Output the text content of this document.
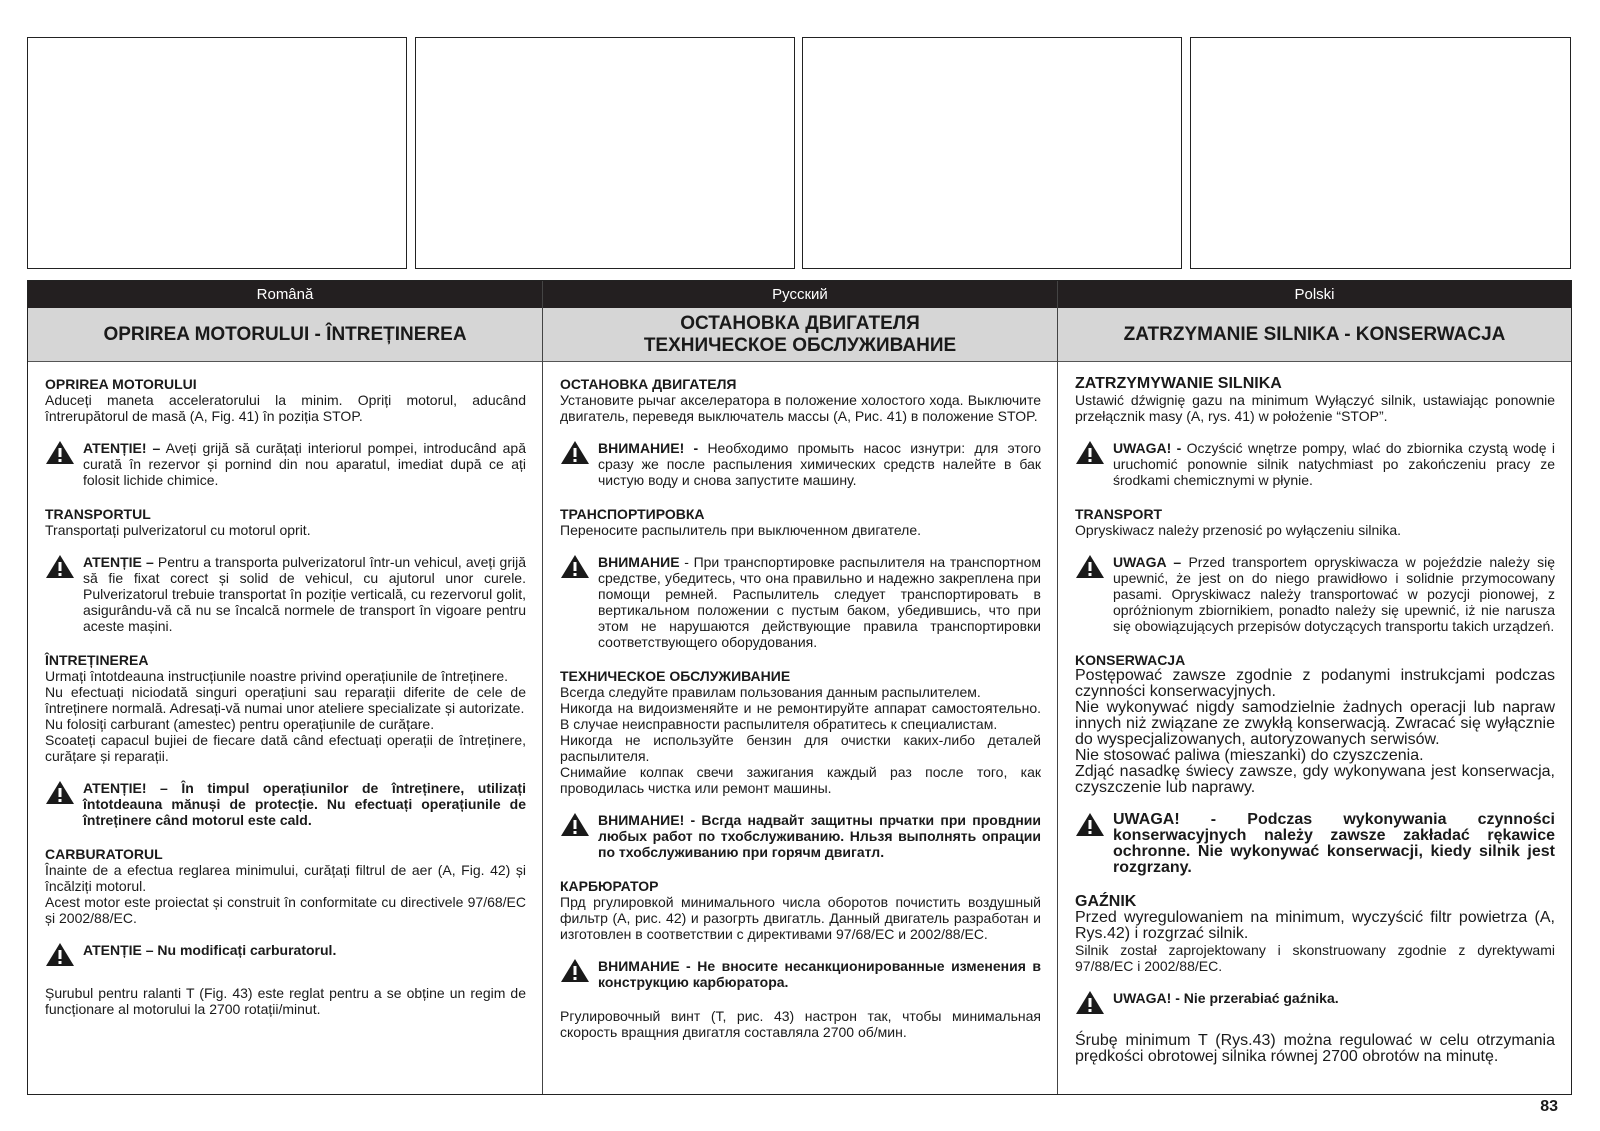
Română
OPRIREA MOTORULUI - ÎNTREȚINEREA

OPRIREA MOTORULUI

Aduceți maneta acceleratorului la minim. Opriți motorul, aducând întrerupătorul de masă (A, Fig. 41) în poziția STOP.

ATENȚIE! – Aveți grijă să curățați interiorul pompei, introducând apă curată în rezervor și pornind din nou aparatul, imediat după ce ați folosit lichide chimice.

TRANSPORTUL

Transportați pulverizatorul cu motorul oprit.

ATENȚIE – Pentru a transporta pulverizatorul într-un vehicul, aveți grijă să fie fixat corect și solid de vehicul, cu ajutorul unor curele. Pulverizatorul trebuie transportat în poziție verticală, cu rezervorul golit, asigurându-vă că nu se încalcă normele de transport în vigoare pentru aceste mașini.

ÎNTREȚINEREA

Urmați întotdeauna instrucțiunile noastre privind operațiunile de întreținere.

Nu efectuați niciodată singuri operațiuni sau reparații diferite de cele de întreținere normală. Adresați-vă numai unor ateliere specializate și autorizate.

Nu folosiți carburant (amestec) pentru operațiunile de curățare.

Scoateți capacul bujiei de fiecare dată când efectuați operații de întreținere, curățare și reparații.

ATENȚIE! – În timpul operațiunilor de întreținere, utilizați întotdeauna mănuși de protecție. Nu efectuați operațiunile de întreținere când motorul este cald.

CARBURATORUL

Înainte de a efectua reglarea minimului, curățați filtrul de aer (A, Fig. 42) și încălziți motorul.

Acest motor este proiectat și construit în conformitate cu directivele 97/68/EC și 2002/88/EC.

ATENȚIE – Nu modificați carburatorul.

Șurubul pentru ralanti T (Fig. 43) este reglat pentru a se obține un regim de funcționare al motorului la 2700 rotații/minut.

Русский
ОСТАНОВКА ДВИГАТЕЛЯ
ТЕХНИЧЕСКОЕ ОБСЛУЖИВАНИЕ

ОСТАНОВКА ДВИГАТЕЛЯ

Установите рычаг акселератора в положение холостого хода. Выключите двигатель, переведя выключатель массы (A, Рис. 41) в положение STOP.

ВНИМАНИЕ! - Необходимо промыть насос изнутри: для этого сразу же после распыления химических средств налейте в бак чистую воду и снова запустите машину.

ТРАНСПОРТИРОВКА

Переносите распылитель при выключенном двигателе.

ВНИМАНИЕ - При транспортировке распылителя на транспортном средстве, убедитесь, что она правильно и надежно закреплена при помощи ремней. Распылитель следует транспортировать в вертикальном положении с пустым баком, убедившись, что при этом не нарушаются действующие правила транспортировки соответствующего оборудования.

ТЕХНИЧЕСКОЕ ОБСЛУЖИВАНИЕ

Всегда следуйте правилам пользования данным распылителем.

Никогда на видоизменяйте и не ремонтируйте аппарат самостоятельно. В случае неисправности распылителя обратитесь к специалистам.

Никогда не используйте бензин для очистки каких-либо деталей распылителя.

Снимайие колпак свечи зажигания каждый раз после того, как проводилась чистка или ремонт машины.

ВНИМАНИЕ! - Всгда надвайт защитны прчатки при провднии любых работ по тхобслуживанию. Нльзя выполнять опрации по тхобслуживанию при горячм двигатл.

КАРБЮРАТОР

Прд ргулировкой минимального числа оборотов почистить воздушный фильтр (A, рис. 42) и разогрть двигатль. Данный двигатель разработан и изготовлен в соответствии с директивами 97/68/EC и 2002/88/EC.

ВНИМАНИЕ - Не вносите несанкционированные изменения в конструкцию карбюратора.

Ргулировочный винт (T, рис. 43) настрон так, чтобы минимальная скорость вращния двигатля составляла 2700 об/мин.

Polski
ZATRZYMANIE SILNIKA - KONSERWACJA

ZATRZYMYWANIE SILNIKA

Ustawić dźwignię gazu na minimum Wyłączyć silnik, ustawiając ponownie przełącznik masy (A, rys. 41) w położenie “STOP”.

UWAGA! - Oczyścić wnętrze pompy, wlać do zbiornika czystą wodę i uruchomić ponownie silnik natychmiast po zakończeniu pracy ze środkami chemicznymi w płynie.

TRANSPORT

Opryskiwacz należy przenosić po wyłączeniu silnika.

UWAGA – Przed transportem opryskiwacza w pojeździe należy się upewnić, że jest on do niego prawidłowo i solidnie przymocowany pasami. Opryskiwacz należy transportować w pozycji pionowej, z opróżnionym zbiornikiem, ponadto należy się upewnić, iż nie narusza się obowiązujących przepisów dotyczących transportu takich urządzeń.

KONSERWACJA

Postępować zawsze zgodnie z podanymi instrukcjami podczas czynności konserwacyjnych.

Nie wykonywać nigdy samodzielnie żadnych operacji lub napraw innych niż związane ze zwykłą konserwacją. Zwracać się wyłącznie do wyspecjalizowanych, autoryzowanych serwisów.

Nie stosować paliwa (mieszanki) do czyszczenia.

Zdjąć nasadkę świecy zawsze, gdy wykonywana jest konserwacja, czyszczenie lub naprawy.

UWAGA! - Podczas wykonywania czynności konserwacyjnych należy zawsze zakładać rękawice ochronne. Nie wykonywać konserwacji, kiedy silnik jest rozgrzany.

GAŹNIK

Przed wyregulowaniem na minimum, wyczyścić filtr powietrza (A, Rys.42) i rozgrzać silnik.

Silnik został zaprojektowany i skonstruowany zgodnie z dyrektywami 97/88/EC i 2002/88/EC.

UWAGA! - Nie przerabiać gaźnika.

Śrubę minimum T (Rys.43) można regulować w celu otrzymania prędkości obrotowej silnika równej 2700 obrotów na minutę.

83
